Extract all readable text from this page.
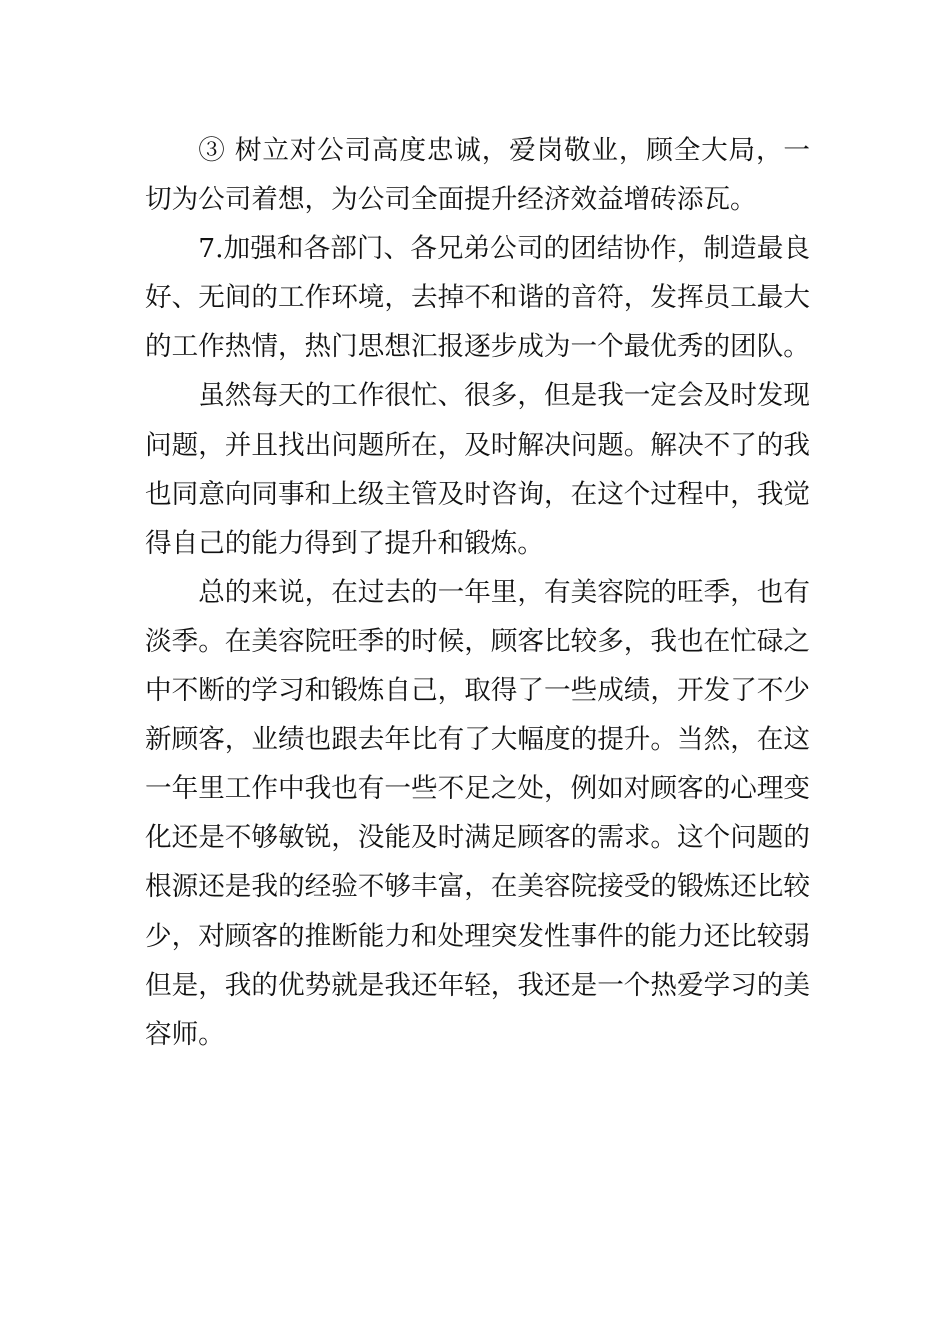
③ 树立对公司高度忠诚，爱岗敬业，顾全大局，一切为公司着想，为公司全面提升经济效益增砖添瓦。

7.加强和各部门、各兄弟公司的团结协作，制造最良好、无间的工作环境，去掉不和谐的音符，发挥员工最大的工作热情，热门思想汇报逐步成为一个最优秀的团队。

虽然每天的工作很忙、很多，但是我一定会及时发现问题，并且找出问题所在，及时解决问题。解决不了的我也同意向同事和上级主管及时咨询，在这个过程中，我觉得自己的能力得到了提升和锻炼。

总的来说，在过去的一年里，有美容院的旺季，也有淡季。在美容院旺季的时候，顾客比较多，我也在忙碌之中不断的学习和锻炼自己，取得了一些成绩，开发了不少新顾客，业绩也跟去年比有了大幅度的提升。当然，在这一年里工作中我也有一些不足之处，例如对顾客的心理变化还是不够敏锐，没能及时满足顾客的需求。这个问题的根源还是我的经验不够丰富，在美容院接受的锻炼还比较少，对顾客的推断能力和处理突发性事件的能力还比较弱但是，我的优势就是我还年轻，我还是一个热爱学习的美容师。
